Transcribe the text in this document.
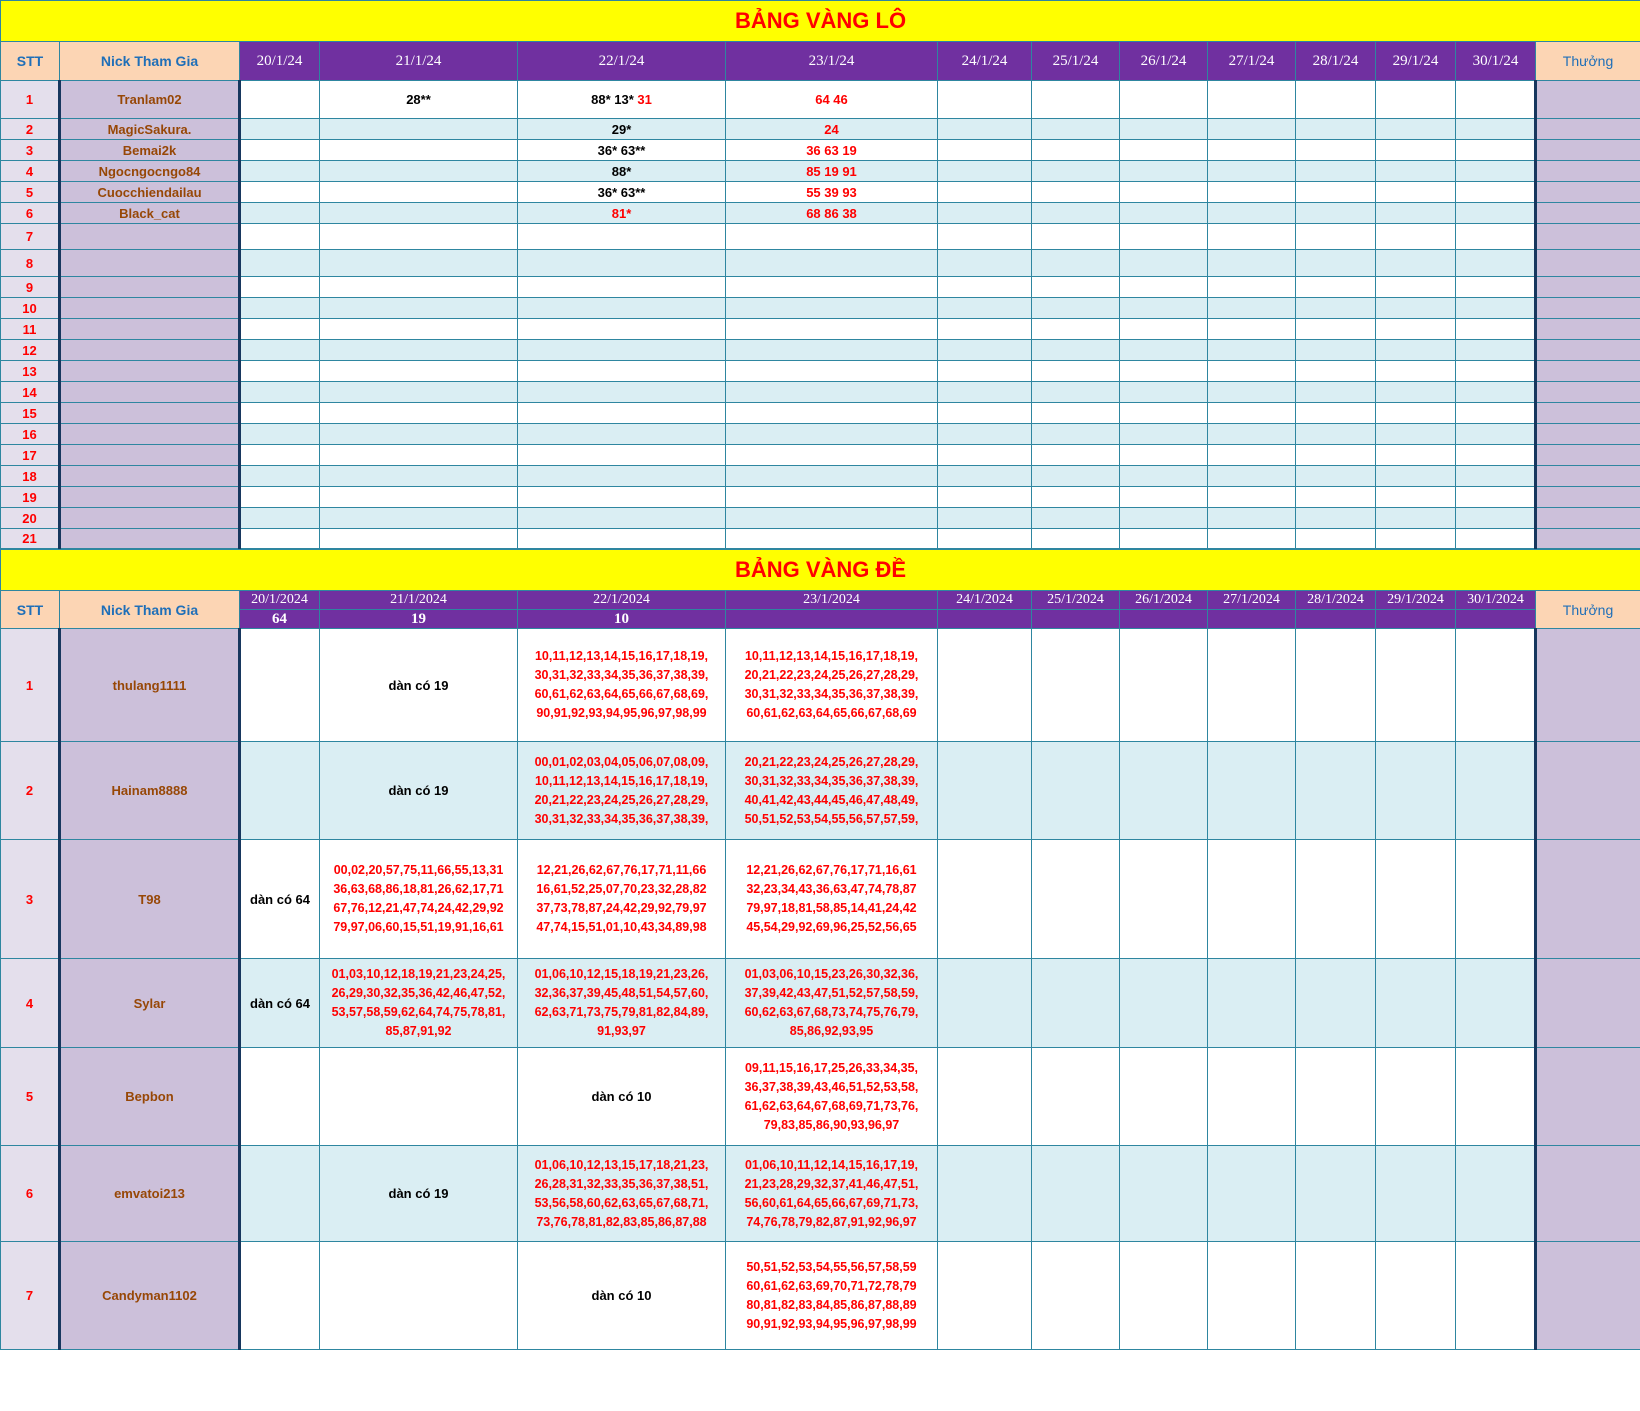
BẢNG VÀNG LÔ													
STT	Nick Tham Gia	20/1/24	21/1/24	22/1/24	23/1/24	24/1/24	25/1/24	26/1/24	27/1/24	28/1/24	29/1/24	30/1/24	Thưởng
1	Tranlam02		28**	88* 13* 31	64 46								
2	MagicSakura.			29*	24								
3	Bemai2k			36* 63**	36 63 19								
4	Ngocngocngo84			88*	85 19 91								
5	Cuocchiendailau			36* 63**	55 39 93								
6	Black_cat			81*	68 86 38								
7													
8													
9													
10													
11													
12													
13													
14													
15													
16													
17													
18													
19													
20													
21													
BẢNG VÀNG ĐỀ													
STT	Nick Tham Gia	20/1/2024	21/1/2024	22/1/2024	23/1/2024	24/1/2024	25/1/2024	26/1/2024	27/1/2024	28/1/2024	29/1/2024	30/1/2024	Thưởng
		64	19	10									
1	thulang1111		dàn có 19	10,11,12,13,14,15,16,17,18,19,
30,31,32,33,34,35,36,37,38,39,
60,61,62,63,64,65,66,67,68,69,
90,91,92,93,94,95,96,97,98,99	10,11,12,13,14,15,16,17,18,19,
20,21,22,23,24,25,26,27,28,29,
30,31,32,33,34,35,36,37,38,39,
60,61,62,63,64,65,66,67,68,69								
2	Hainam8888		dàn có 19	00,01,02,03,04,05,06,07,08,09,
10,11,12,13,14,15,16,17,18,19,
20,21,22,23,24,25,26,27,28,29,
30,31,32,33,34,35,36,37,38,39,	20,21,22,23,24,25,26,27,28,29,
30,31,32,33,34,35,36,37,38,39,
40,41,42,43,44,45,46,47,48,49,
50,51,52,53,54,55,56,57,57,59,								
3	T98	dàn có 64	00,02,20,57,75,11,66,55,13,31
36,63,68,86,18,81,26,62,17,71
67,76,12,21,47,74,24,42,29,92
79,97,06,60,15,51,19,91,16,61	12,21,26,62,67,76,17,71,11,66
16,61,52,25,07,70,23,32,28,82
37,73,78,87,24,42,29,92,79,97
47,74,15,51,01,10,43,34,89,98	12,21,26,62,67,76,17,71,16,61
32,23,34,43,36,63,47,74,78,87
79,97,18,81,58,85,14,41,24,42
45,54,29,92,69,96,25,52,56,65								
4	Sylar	dàn có 64	01,03,10,12,18,19,21,23,24,25,
26,29,30,32,35,36,42,46,47,52,
53,57,58,59,62,64,74,75,78,81,
85,87,91,92	01,06,10,12,15,18,19,21,23,26,
32,36,37,39,45,48,51,54,57,60,
62,63,71,73,75,79,81,82,84,89,
91,93,97	01,03,06,10,15,23,26,30,32,36,
37,39,42,43,47,51,52,57,58,59,
60,62,63,67,68,73,74,75,76,79,
85,86,92,93,95								
5	Bepbon			dàn có 10	09,11,15,16,17,25,26,33,34,35,
36,37,38,39,43,46,51,52,53,58,
61,62,63,64,67,68,69,71,73,76,
79,83,85,86,90,93,96,97								
6	emvatoi213		dàn có 19	01,06,10,12,13,15,17,18,21,23,
26,28,31,32,33,35,36,37,38,51,
53,56,58,60,62,63,65,67,68,71,
73,76,78,81,82,83,85,86,87,88	01,06,10,11,12,14,15,16,17,19,
21,23,28,29,32,37,41,46,47,51,
56,60,61,64,65,66,67,69,71,73,
74,76,78,79,82,87,91,92,96,97								
7	Candyman1102			dàn có 10	50,51,52,53,54,55,56,57,58,59
60,61,62,63,69,70,71,72,78,79
80,81,82,83,84,85,86,87,88,89
90,91,92,93,94,95,96,97,98,99								
